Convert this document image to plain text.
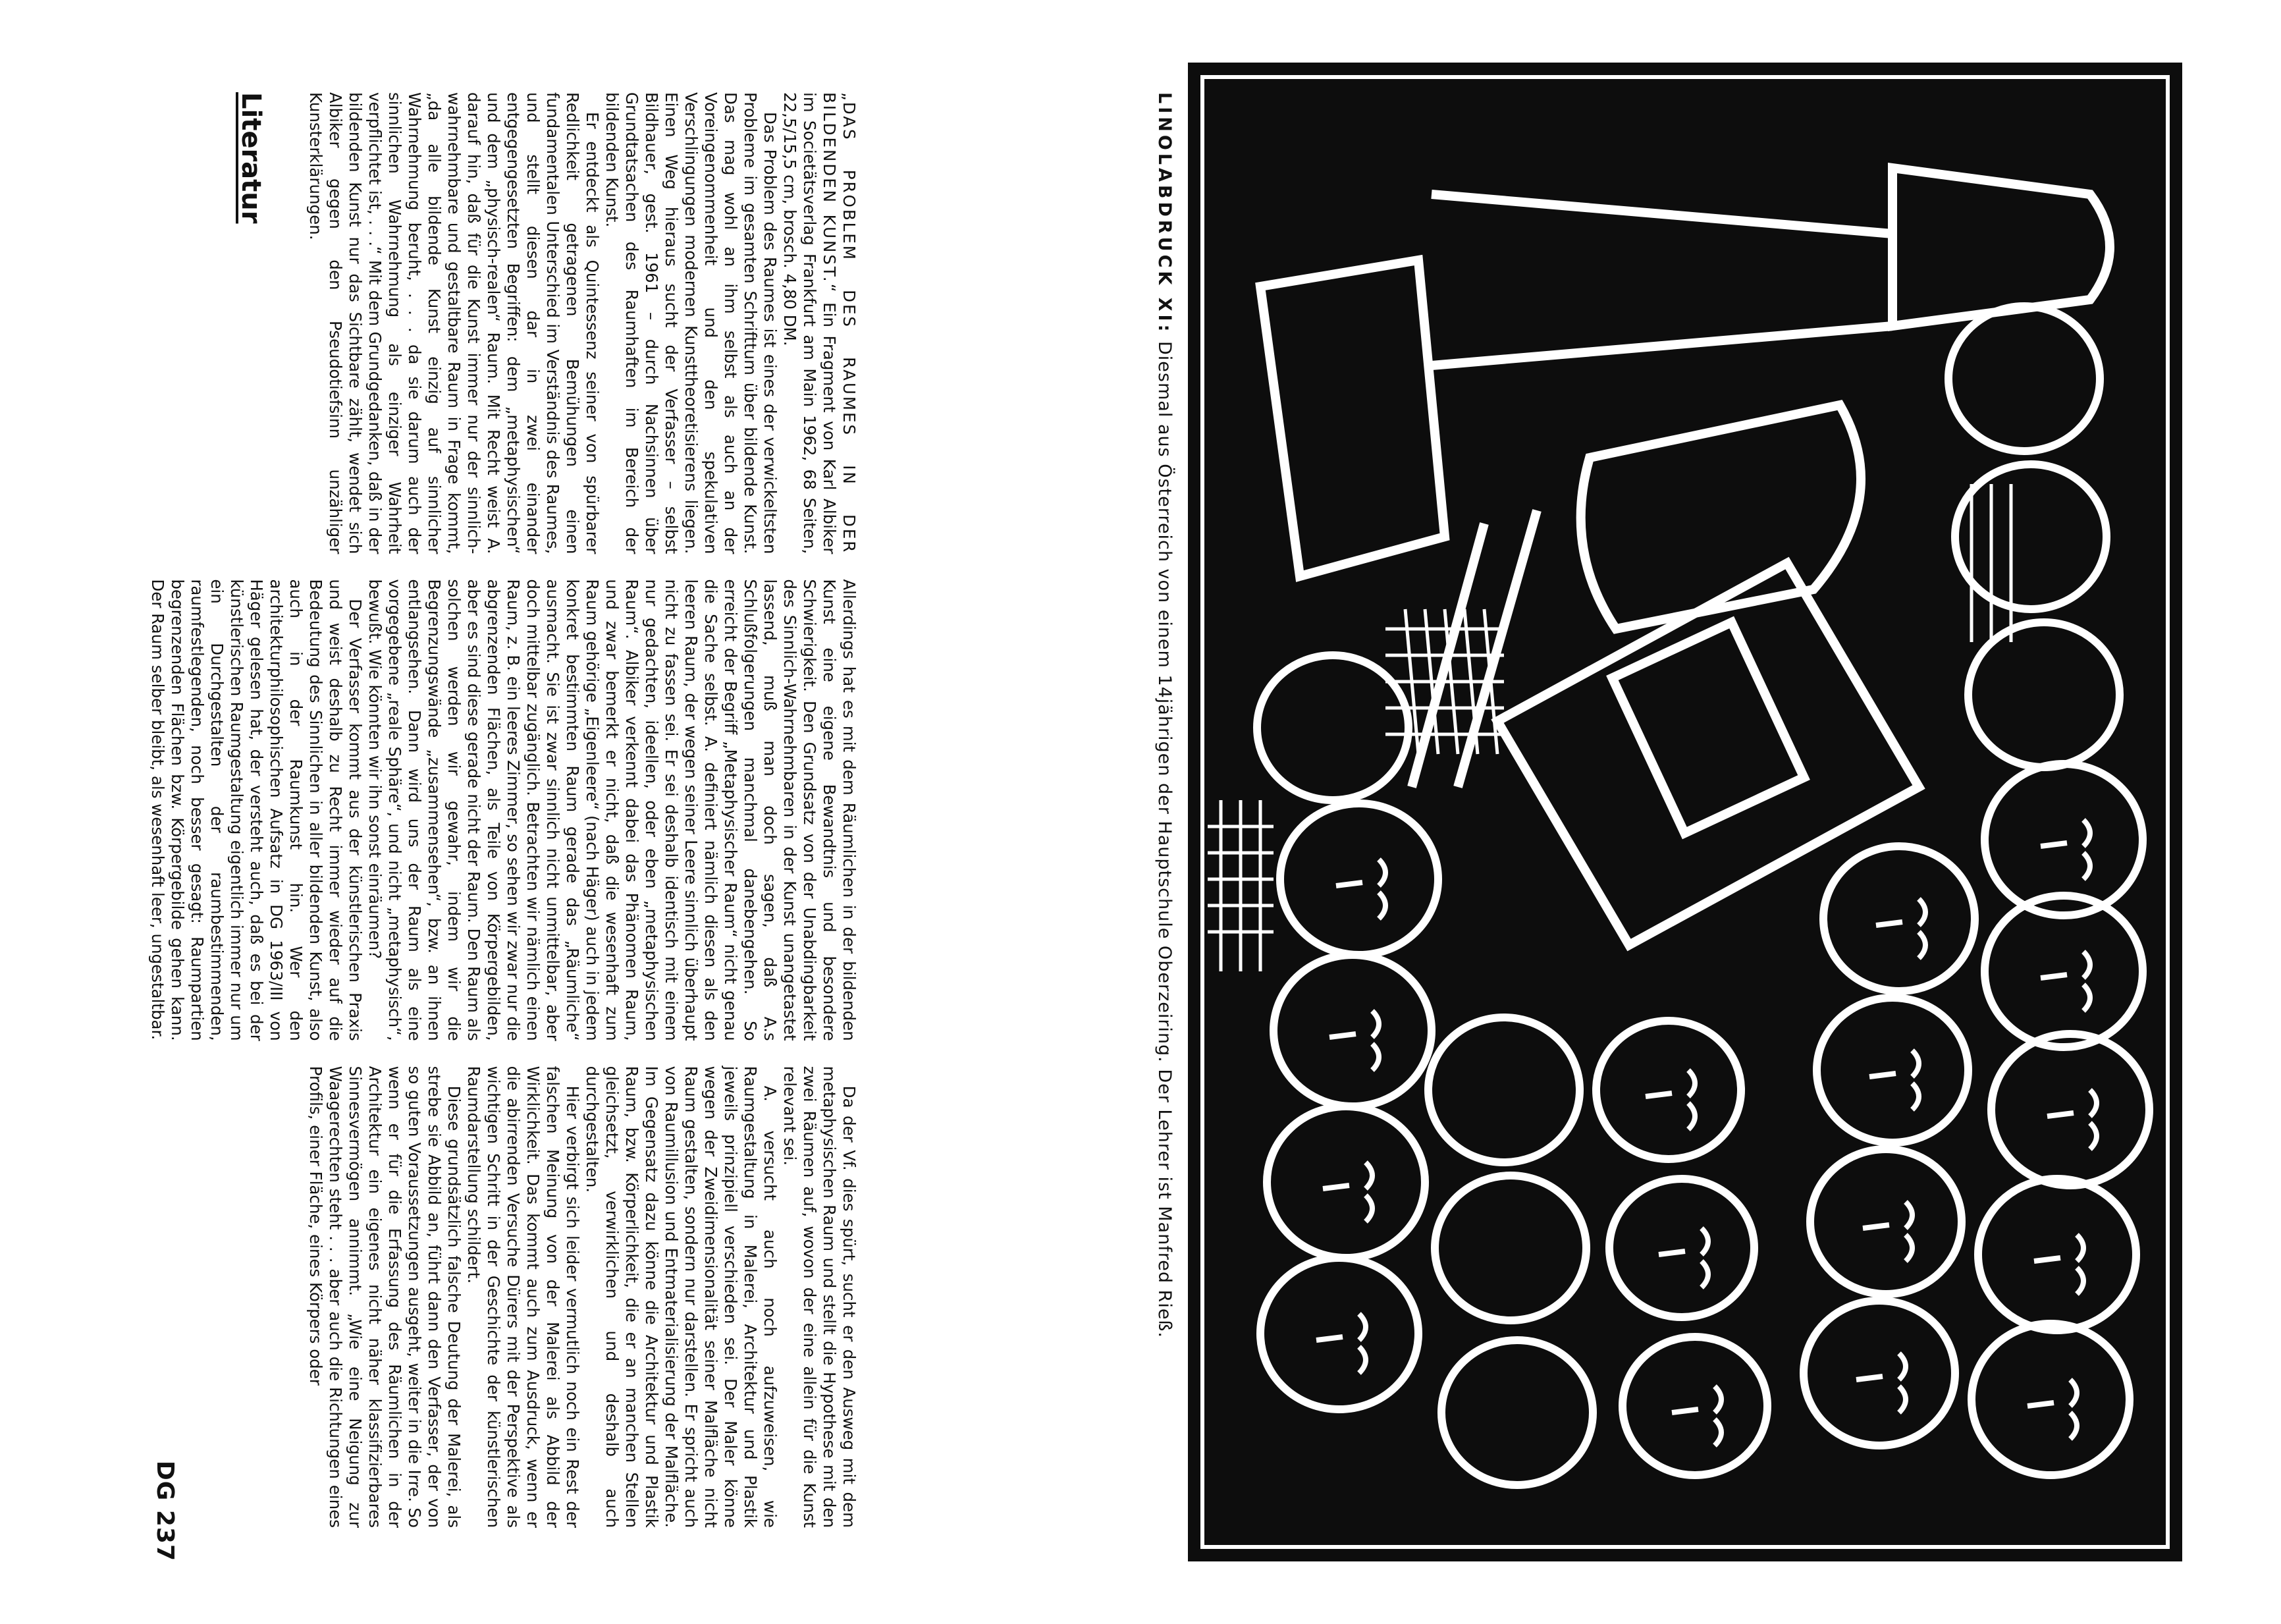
LINOLABDRUCK XI: Diesmal aus Österreich von einem 14jährigen der Hauptschule Oberzeiring. Der Lehrer ist Manfred Rieß.

„DAS PROBLEM DES RAUMES IN DER BILDENDEN KUNST.“ Ein Fragment von Karl Albiker im Societätsverlag Frankfurt am Main 1962, 68 Seiten, 22,5/15,5 cm, brosch. 4,80 DM.

Das Problem des Raumes ist eines der verwickeltsten Probleme im gesamten Schrifttum über bildende Kunst. Das mag wohl an ihm selbst als auch an der Voreingenommenheit und den spekulativen Verschlingungen modernen Kunsttheoretisierens liegen. Einen Weg hieraus sucht der Verfasser – selbst Bildhauer, gest. 1961 – durch Nachsinnen über Grundtatsachen des Raumhaften im Bereich der bildenden Kunst.

Er entdeckt als Quintessenz seiner von spürbarer Redlichkeit getragenen Bemühungen einen fundamentalen Unterschied im Verständnis des Raumes, und stellt diesen dar in zwei einander entgegengesetzten Begriffen: dem „metaphysischen“ und dem „physisch-realen“ Raum. Mit Recht weist A. darauf hin, daß für die Kunst immer nur der sinnlich-wahrnehmbare und gestaltbare Raum in Frage kommt, „da alle bildende Kunst einzig auf sinnlicher Wahrnehmung beruht, . . . da sie darum auch der sinnlichen Wahrnehmung als einziger Wahrheit verpflichtet ist, . . .“ Mit dem Grundgedanken, daß in der bildenden Kunst nur das Sichtbare zählt, wendet sich Albiker gegen den Pseudotiefsinn unzähliger Kunsterklärungen.

Allerdings hat es mit dem Räumlichen in der bildenden Kunst eine eigene Bewandtnis und besondere Schwierigkeit. Den Grundsatz von der Unabdingbarkeit des Sinnlich-Wahrnehmbaren in der Kunst unangetastet lassend, muß man doch sagen, daß A.s Schlußfolgerungen manchmal danebengehen. So erreicht der Begriff „Metaphysischer Raum“ nicht genau die Sache selbst. A. definiert nämlich diesen als den leeren Raum, der wegen seiner Leere sinnlich überhaupt nicht zu fassen sei. Er sei deshalb identisch mit einem nur gedachten, ideellen, oder eben „metaphysischen Raum“. Albiker verkennt dabei das Phänomen Raum, und zwar bemerkt er nicht, daß die wesenhaft zum Raum gehörige „Eigenleere“ (nach Häger) auch in jedem konkret bestimmten Raum gerade das „Räumliche“ ausmacht. Sie ist zwar sinnlich nicht unmittelbar, aber doch mittelbar zugänglich. Betrachten wir nämlich einen Raum, z. B. ein leeres Zimmer, so sehen wir zwar nur die abgrenzenden Flächen, als Teile von Körpergebilden, aber es sind diese gerade nicht der Raum. Den Raum als solchen werden wir gewahr, indem wir die Begrenzungswände „zusammensehen“, bzw. an ihnen entlangsehen. Dann wird uns der Raum als eine vorgegebene „reale Sphäre“, und nicht „metaphysisch“, bewußt. Wie könnten wir ihn sonst einräumen?

Der Verfasser kommt aus der künstlerischen Praxis und weist deshalb zu Recht immer wieder auf die Bedeutung des Sinnlichen in aller bildenden Kunst, also auch in der Raumkunst hin. Wer den architekturphilosophischen Aufsatz in DG 1963/III von Häger gelesen hat, der versteht auch, daß es bei der künstlerischen Raumgestaltung eigentlich immer nur um ein Durchgestalten der raumbestimmenden, raumfestlegenden, noch besser gesagt: Raumpartien begrenzenden Flächen bzw. Körpergebilde gehen kann. Der Raum selber bleibt, als wesenhaft leer, ungestaltbar.

Da der Vf. dies spürt, sucht er den Ausweg mit dem metaphysischen Raum und stellt die Hypothese mit den zwei Räumen auf, wovon der eine allein für die Kunst relevant sei.

A. versucht auch noch aufzuweisen, wie Raumgestaltung in Malerei, Architektur und Plastik jeweils prinzipiell verschieden sei. Der Maler könne wegen der Zweidimensionalität seiner Malfläche nicht Raum gestalten, sondern nur darstellen. Er spricht auch von Raumillusion und Entmaterialisierung der Malfläche. Im Gegensatz dazu könne die Architektur und Plastik Raum, bzw. Körperlichkeit, die er an manchen Stellen gleichsetzt, verwirklichen und deshalb auch durchgestalten.

Hier verbirgt sich leider vermutlich noch ein Rest der falschen Meinung von der Malerei als Abbild der Wirklichkeit. Das kommt auch zum Ausdruck, wenn er die abirrenden Versuche Dürers mit der Perspektive als wichtigen Schritt in der Geschichte der künstlerischen Raumdarstellung schildert.

Diese grundsätzlich falsche Deutung der Malerei, als strebe sie Abbild an, führt dann den Verfasser, der von so guten Voraussetzungen ausgeht, weiter in die Irre. So wenn er für die Erfassung des Räumlichen in der Architektur ein eigenes nicht näher klassifizierbares Sinnesvermögen annimmt. „Wie eine Neigung zur Waagerechten steht . . . aber auch die Richtungen eines Profils, einer Fläche, eines Körpers oder

Literatur

DG 237
